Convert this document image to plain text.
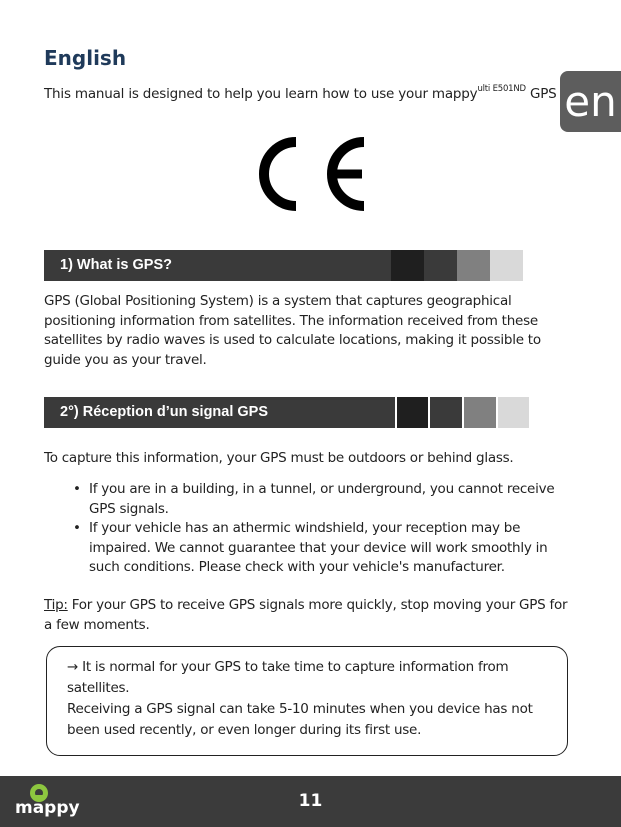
English
This manual is designed to help you learn how to use your mappy$^{ulti E501ND}$ GPS en
1) What is GPS?
GPS (Global Positioning System) is a system that captures geographical positioning information from satellites. The information received from these satellites by radio waves is used to calculate locations, making it possible to guide you as your travel.
2°) Réception d’un signal GPS
To capture this information, your GPS must be outdoors or behind glass.
• If you are in a building, in a tunnel, or underground, you cannot receive GPS signals.
• If your vehicle has an athermic windshield, your reception may be impaired. We cannot guarantee that your device will work smoothly in such conditions. Please check with your vehicle's manufacturer.
Tip: For your GPS to receive GPS signals more quickly, stop moving your GPS for a few moments.
→ It is normal for your GPS to take time to capture information from satellites.
Receiving a GPS signal can take 5-10 minutes when you device has not been used recently, or even longer during its first use.
mappy	11
